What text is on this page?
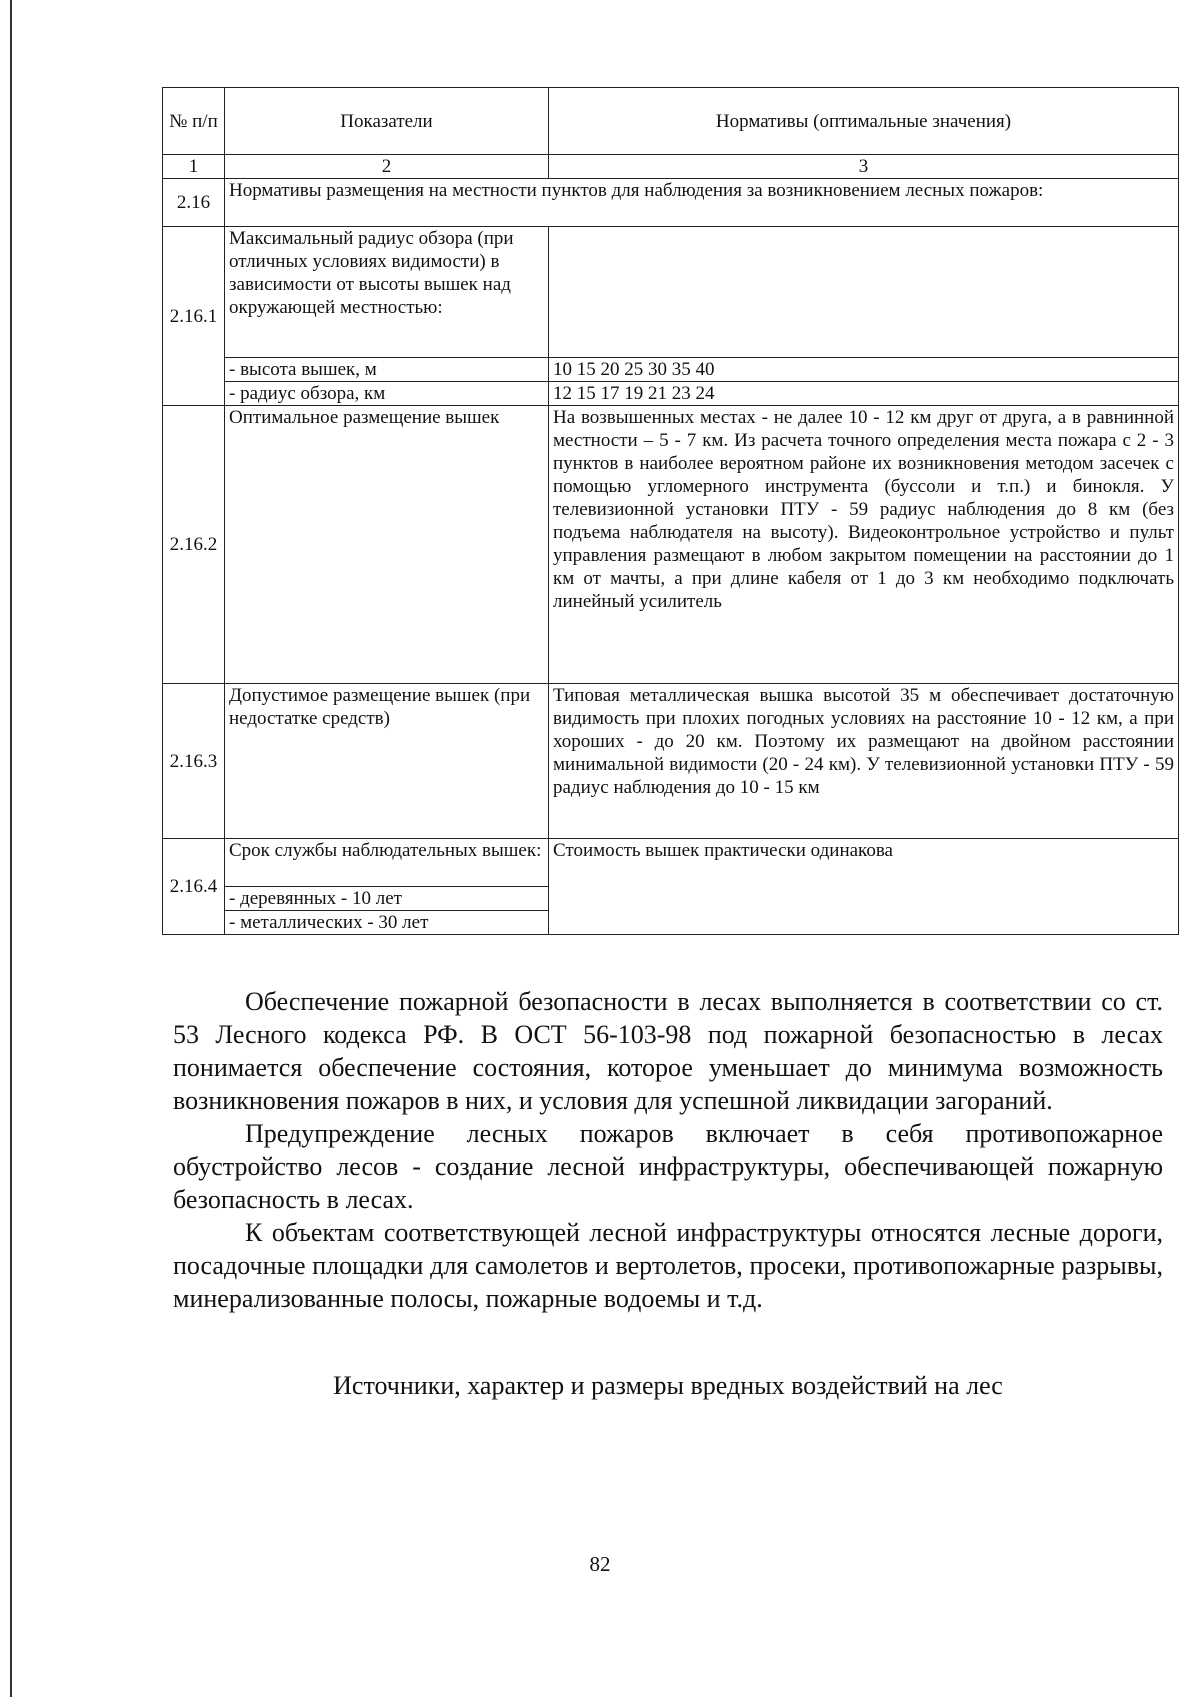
№ п/п	Показатели	Нормативы (оптимальные значения)
1	2	3
2.16	Нормативы размещения на местности пунктов для наблюдения за возникновением лесных пожаров:	
2.16.1	Максимальный радиус обзора (при отличных условиях видимости) в зависимости от высоты вышек над окружающей местностью:	
	- высота вышек, м	10 15 20 25 30 35 40
	- радиус обзора, км	12 15 17 19 21 23 24
2.16.2	Оптимальное размещение вышек	На возвышенных местах - не далее 10 - 12 км друг от друга, а в равнинной местности – 5 - 7 км. Из расчета точного определения места пожара с 2 - 3 пунктов в наиболее вероятном районе их возникновения методом засечек с помощью угломерного инструмента (буссоли и т.п.) и бинокля. У телевизионной установки ПТУ - 59 радиус наблюдения до 8 км (без подъема наблюдателя на высоту). Видеоконтрольное устройство и пульт управления размещают в любом закрытом помещении на расстоянии до 1 км от мачты, а при длине кабеля от 1 до 3 км необходимо подключать линейный усилитель
2.16.3	Допустимое размещение вышек (при недостатке средств)	Типовая металлическая вышка высотой 35 м обеспечивает достаточную видимость при плохих погодных условиях на расстояние 10 - 12 км, а при хороших - до 20 км. Поэтому их размещают на двойном расстоянии минимальной видимости (20 - 24 км). У телевизионной установки ПТУ - 59 радиус наблюдения до 10 - 15 км
2.16.4	Срок службы наблюдательных вышек:	Стоимость вышек практически одинакова
	- деревянных - 10 лет	
	- металлических - 30 лет	

Обеспечение пожарной безопасности в лесах выполняется в соответствии со ст. 53 Лесного кодекса РФ. В ОСТ 56-103-98 под пожарной безопасностью в лесах понимается обеспечение состояния, которое уменьшает до минимума возможность возникновения пожаров в них, и условия для успешной ликвидации загораний.

Предупреждение лесных пожаров включает в себя противопожарное обустройство лесов - создание лесной инфраструктуры, обеспечивающей пожарную безопасность в лесах.

К объектам соответствующей лесной инфраструктуры относятся лесные дороги, посадочные площадки для самолетов и вертолетов, просеки, противопожарные разрывы, минерализованные полосы, пожарные водоемы и т.д.

Источники, характер и размеры вредных воздействий на лес
82
